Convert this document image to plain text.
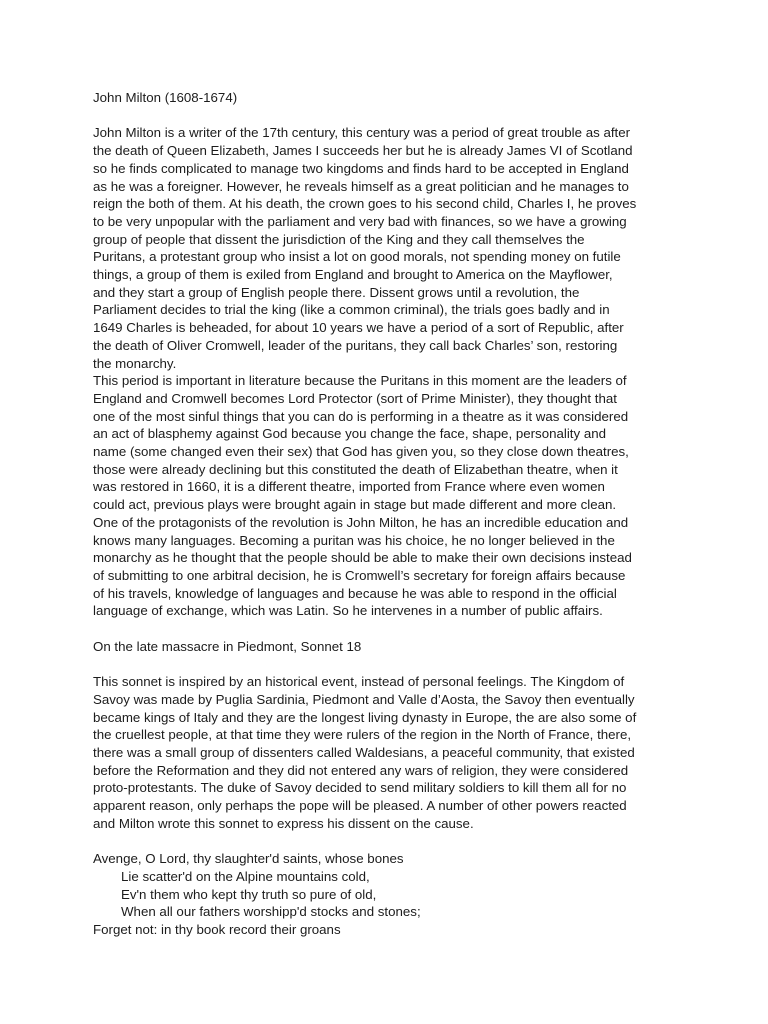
John Milton (1608-1674)

John Milton is a writer of the 17th century, this century was a period of great trouble as after
the death of Queen Elizabeth, James I succeeds her but he is already James VI of Scotland
so he finds complicated to manage two kingdoms and finds hard to be accepted in England
as he was a foreigner. However, he reveals himself as a great politician and he manages to
reign the both of them. At his death, the crown goes to his second child, Charles I, he proves
to be very unpopular with the parliament and very bad with finances, so we have a growing
group of people that dissent the jurisdiction of the King and they call themselves the
Puritans, a protestant group who insist a lot on good morals, not spending money on futile
things, a group of them is exiled from England and brought to America on the Mayflower,
and they start a group of English people there. Dissent grows until a revolution, the
Parliament decides to trial the king (like a common criminal), the trials goes badly and in
1649 Charles is beheaded, for about 10 years we have a period of a sort of Republic, after
the death of Oliver Cromwell, leader of the puritans, they call back Charles’ son, restoring
the monarchy.

This period is important in literature because the Puritans in this moment are the leaders of
England and Cromwell becomes Lord Protector (sort of Prime Minister), they thought that
one of the most sinful things that you can do is performing in a theatre as it was considered
an act of blasphemy against God because you change the face, shape, personality and
name (some changed even their sex) that God has given you, so they close down theatres,
those were already declining but this constituted the death of Elizabethan theatre, when it
was restored in 1660, it is a different theatre, imported from France where even women
could act, previous plays were brought again in stage but made different and more clean.

One of the protagonists of the revolution is John Milton, he has an incredible education and
knows many languages. Becoming a puritan was his choice, he no longer believed in the
monarchy as he thought that the people should be able to make their own decisions instead
of submitting to one arbitral decision, he is Cromwell’s secretary for foreign affairs because
of his travels, knowledge of languages and because he was able to respond in the official
language of exchange, which was Latin. So he intervenes in a number of public affairs.

On the late massacre in Piedmont, Sonnet 18

This sonnet is inspired by an historical event, instead of personal feelings. The Kingdom of
Savoy was made by Puglia Sardinia, Piedmont and Valle d’Aosta, the Savoy then eventually
became kings of Italy and they are the longest living dynasty in Europe, the are also some of
the cruellest people, at that time they were rulers of the region in the North of France, there,
there was a small group of dissenters called Waldesians, a peaceful community, that existed
before the Reformation and they did not entered any wars of religion, they were considered
proto-protestants. The duke of Savoy decided to send military soldiers to kill them all for no
apparent reason, only perhaps the pope will be pleased. A number of other powers reacted
and Milton wrote this sonnet to express his dissent on the cause.

Avenge, O Lord, thy slaughter'd saints, whose bones

Lie scatter'd on the Alpine mountains cold,

Ev'n them who kept thy truth so pure of old,

When all our fathers worshipp'd stocks and stones;

Forget not: in thy book record their groans
